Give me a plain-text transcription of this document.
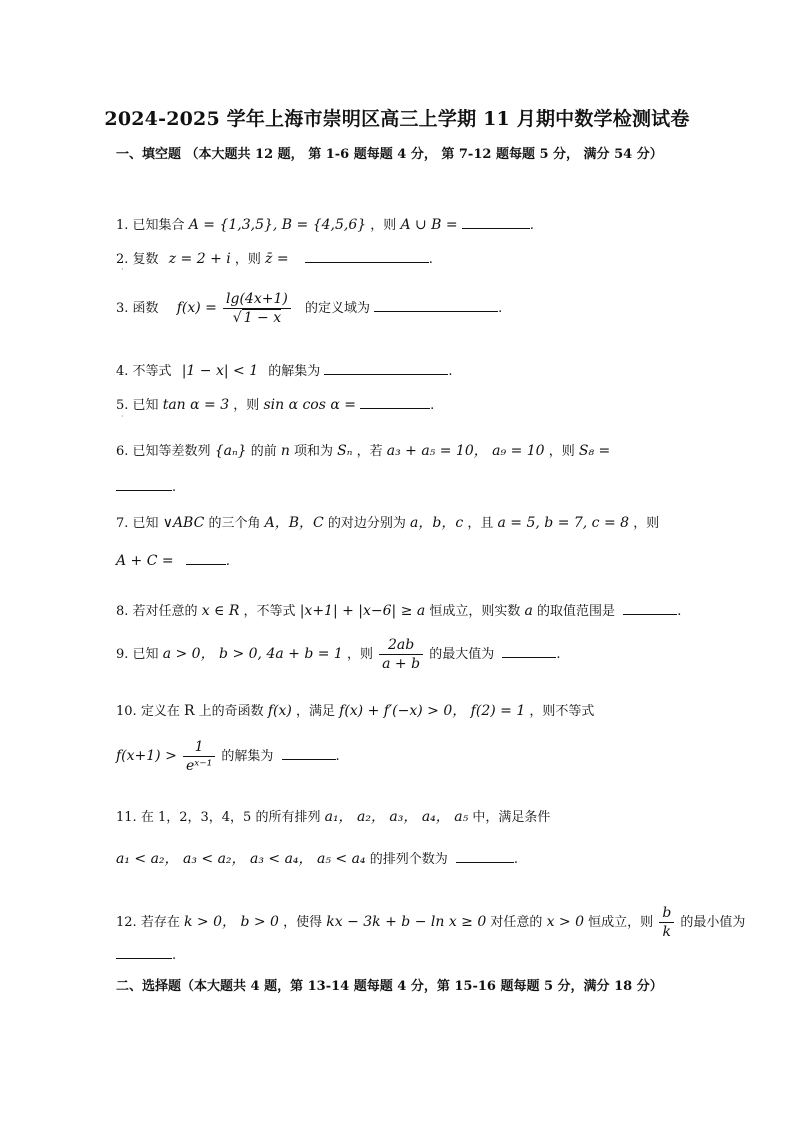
2024-2025 学年上海市崇明区高三上学期 11 月期中数学检测试卷
一、填空题 （本大题共 12 题， 第 1-6 题每题 4 分， 第 7-12 题每题 5 分， 满分 54 分）
1. 已知集合 A = {1,3,5}, B = {4,5,6} ，则 A ∪ B =	.
2. 复数 z = 2 + i ，则 z̄ =	.
·
3. 函数 $f(x) = \frac{\lg(4x+1)}{√ 1 - x}$ 的定义域为	.
4. 不等式 |1 − x| < 1 的解集为	.
5. 已知 tan α = 3 ，则 sin α cos α =	.
·
6. 已知等差数列 {aₙ} 的前 n 项和为 Sₙ ，若 a₃ + a₅ = 10， a₉ = 10 ，则 S₈ =
.
7. 已知 ∨ABC 的三个角 A，B，C 的对边分别为 a，b，c ，且 a = 5, b = 7, c = 8 ，则
A + C =	.
8. 若对任意的 x ∈ R ，不等式 |x+1| + |x−6| ≥ a 恒成立，则实数 a 的取值范围是	.
9. 已知 a > 0， b > 0, 4a + b = 1 ，则 $\frac{2ab}{a + b}$ 的最大值为	.
10. 定义在 R 上的奇函数 f(x) ，满足 f(x) + f′(−x) > 0， f(2) = 1 ，则不等式
$f(x+1) > \frac{1}{\text{eˣ⁻¹}}$ 的解集为	.
11. 在 1，2，3，4，5 的所有排列 a₁， a₂， a₃， a₄， a₅ 中，满足条件
a₁ < a₂， a₃ < a₂， a₃ < a₄， a₅ < a₄ 的排列个数为	.
12. 若存在 k > 0， b > 0 ，使得 kx − 3k + b − ln x ≥ 0 对任意的 x > 0 恒成立，则 $\frac{b}{k}$ 的最小值为
.
二、选择题（本大题共 4 题，第 13-14 题每题 4 分，第 15-16 题每题 5 分，满分 18 分）
